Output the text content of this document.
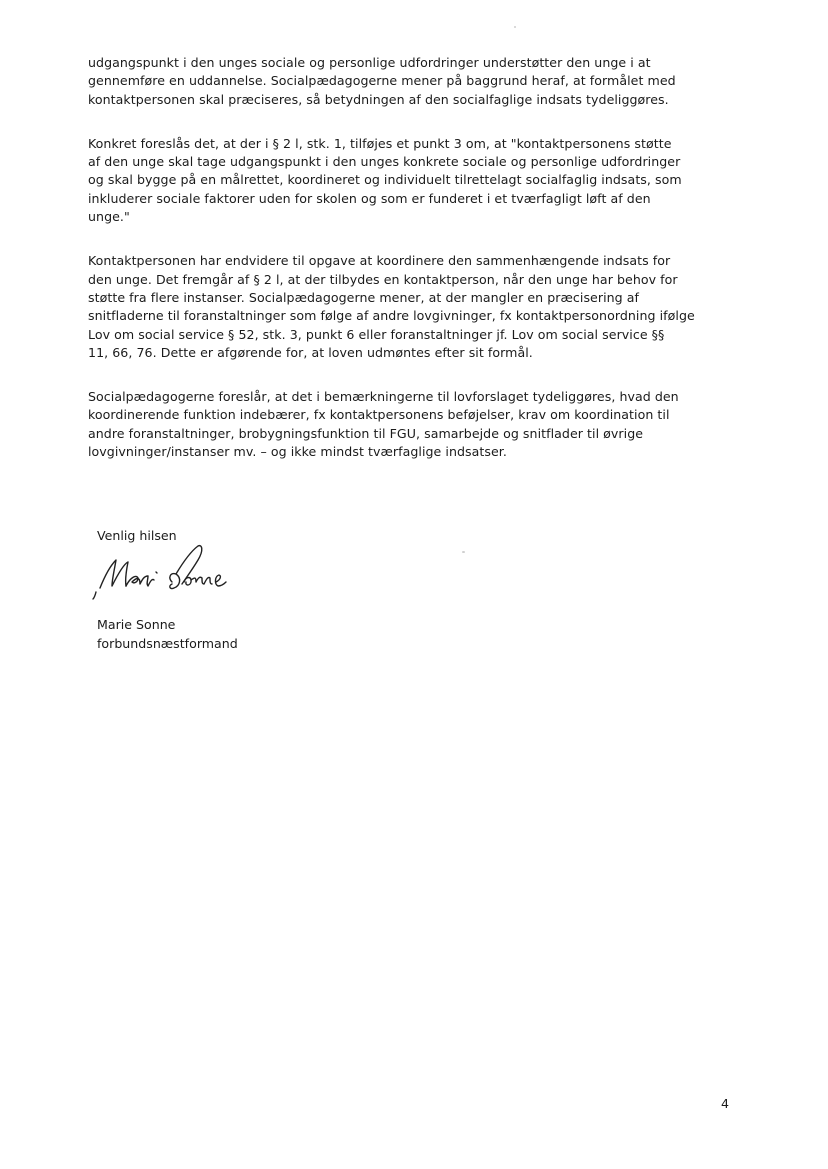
udgangspunkt i den unges sociale og personlige udfordringer understøtter den unge i at
gennemføre en uddannelse. Socialpædagogerne mener på baggrund heraf, at formålet med
kontaktpersonen skal præciseres, så betydningen af den socialfaglige indsats tydeliggøres.

Konkret foreslås det, at der i § 2 l, stk. 1, tilføjes et punkt 3 om, at "kontaktpersonens støtte
af den unge skal tage udgangspunkt i den unges konkrete sociale og personlige udfordringer
og skal bygge på en målrettet, koordineret og individuelt tilrettelagt socialfaglig indsats, som
inkluderer sociale faktorer uden for skolen og som er funderet i et tværfagligt løft af den
unge."

Kontaktpersonen har endvidere til opgave at koordinere den sammenhængende indsats for
den unge. Det fremgår af § 2 l, at der tilbydes en kontaktperson, når den unge har behov for
støtte fra flere instanser. Socialpædagogerne mener, at der mangler en præcisering af
snitfladerne til foranstaltninger som følge af andre lovgivninger, fx kontaktpersonordning ifølge
Lov om social service § 52, stk. 3, punkt 6 eller foranstaltninger jf. Lov om social service §§
11, 66, 76. Dette er afgørende for, at loven udmøntes efter sit formål.

Socialpædagogerne foreslår, at det i bemærkningerne til lovforslaget tydeliggøres, hvad den
koordinerende funktion indebærer, fx kontaktpersonens beføjelser, krav om koordination til
andre foranstaltninger, brobygningsfunktion til FGU, samarbejde og snitflader til øvrige
lovgivninger/instanser mv. – og ikke mindst tværfaglige indsatser.

Venlig hilsen
Marie Sonne
forbundsnæstformand
4
